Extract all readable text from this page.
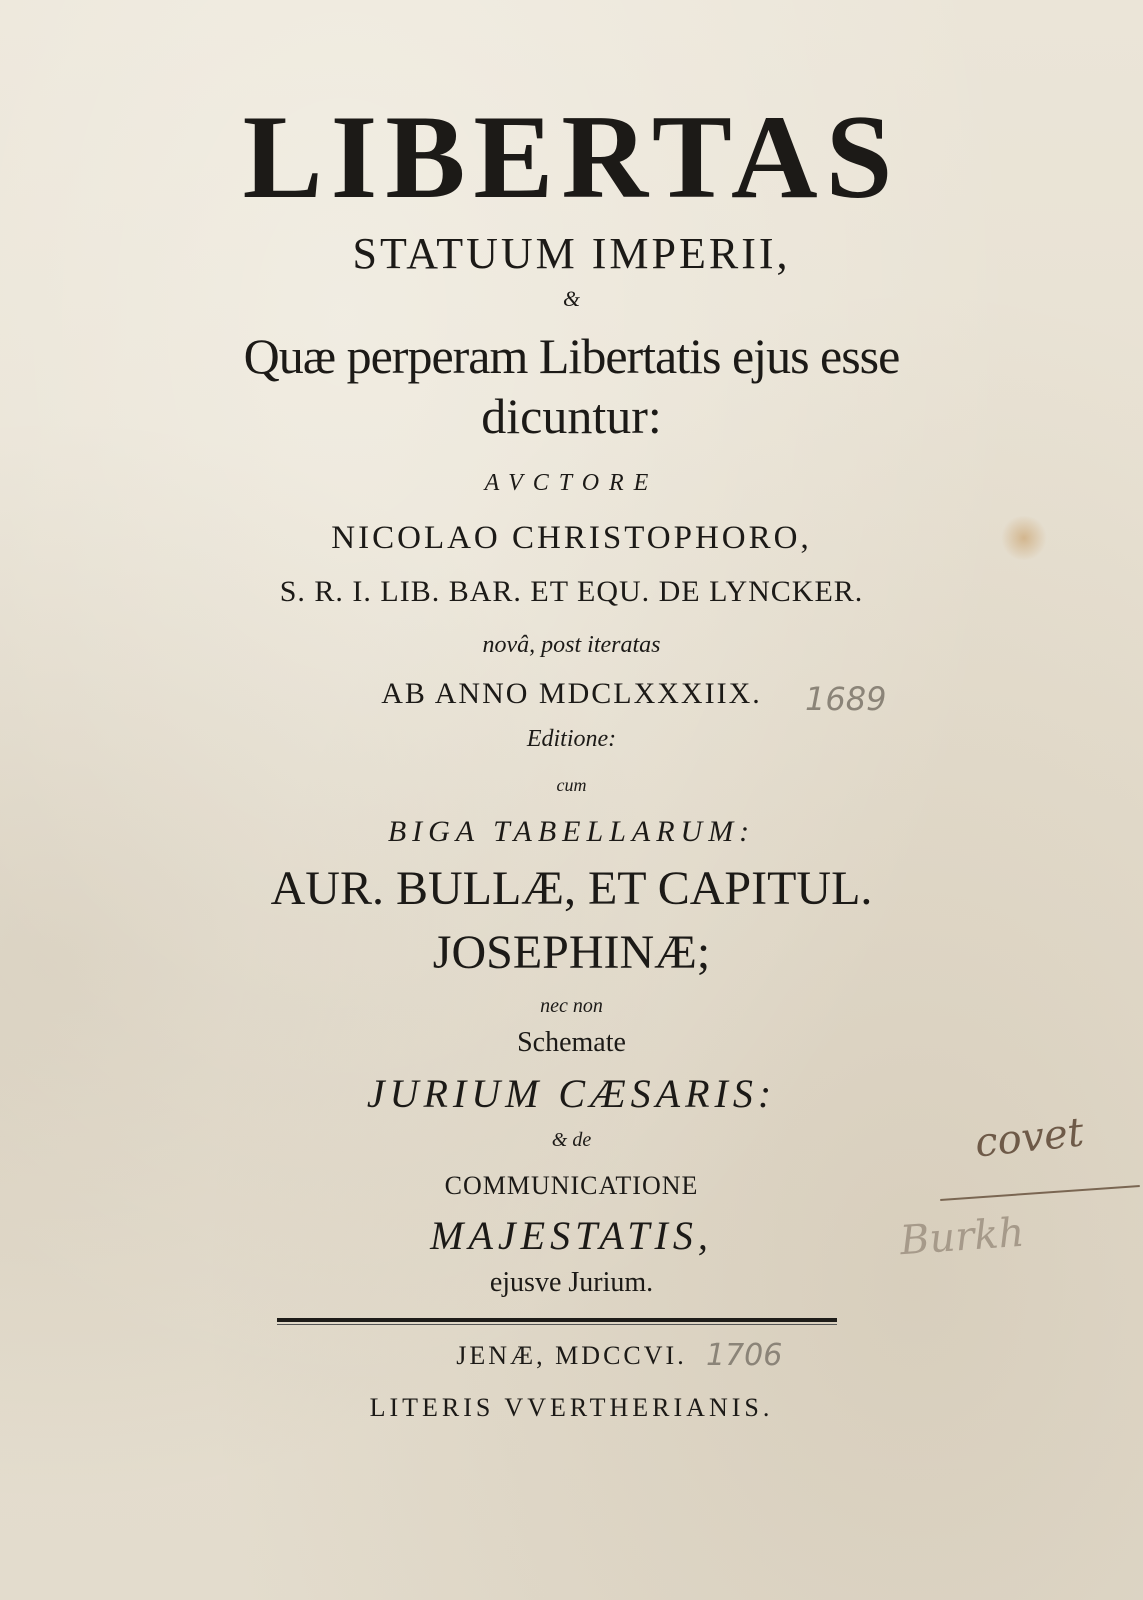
LIBERTAS
STATUUM IMPERII,
&
Quæ perperam Libertatis ejus esse
dicuntur:
AVCTORE
NICOLAO CHRISTOPHORO,
S. R. I. LIB. BAR. ET EQU. DE LYNCKER.
novâ, post iteratas
AB ANNO MDCLXXXIIX.
Editione:
cum
BIGA TABELLARUM:
AUR. BULLÆ, ET CAPITUL.
JOSEPHINÆ;
nec non
Schemate
JURIUM CÆSARIS:
& de
COMMUNICATIONE
MAJESTATIS,
ejusve Jurium.
JENÆ, MDCCVI.
LITERIS VVERTHERIANIS.
1689
1706
covet
Burkh
